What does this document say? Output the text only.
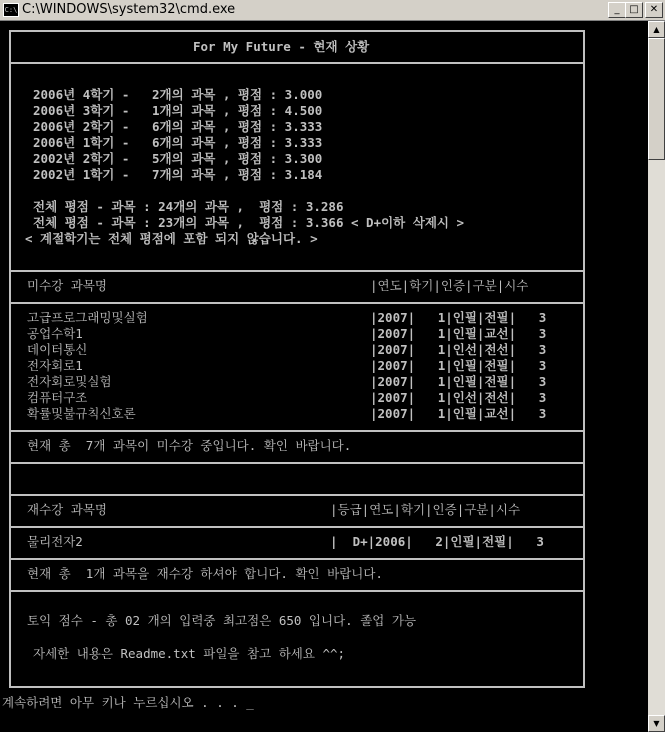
C:\ C:\WINDOWS\system32\cmd.exe	_ □	✕
For My Future - 현재 상황
2006년 4학기 -   2개의 과목 , 평점 : 3.000
2006년 3학기 -   1개의 과목 , 평점 : 4.500
2006년 2학기 -   6개의 과목 , 평점 : 3.333
2006년 1학기 -   6개의 과목 , 평점 : 3.333
2002년 2학기 -   5개의 과목 , 평점 : 3.300
2002년 1학기 -   7개의 과목 , 평점 : 3.184
전체 평점 - 과목 : 24개의 과목 ,  평점 : 3.286
전체 평점 - 과목 : 23개의 과목 ,  평점 : 3.366 < D+이하 삭제시 >
< 계절학기는 전체 평점에 포함 되지 않습니다. >
미수강 과목명	|연도|학기|인증|구분|시수
고급프로그래밍및실험	|2007|   1|인필|전필|   3
공업수학1	|2007|   1|인필|교선|   3
데이터통신	|2007|   1|인선|전선|   3
전자회로1	|2007|   1|인필|전필|   3
전자회로및실험	|2007|   1|인필|전필|   3
컴퓨터구조	|2007|   1|인선|전선|   3
확률및불규칙신호론	|2007|   1|인필|교선|   3
현재 총  7개 과목이 미수강 중입니다. 확인 바랍니다.
재수강 과목명	|등급|연도|학기|인증|구분|시수
물리전자2	|  D+|2006|   2|인필|전필|   3
현재 총  1개 과목을 재수강 하셔야 합니다. 확인 바랍니다.
토익 점수 - 총 02 개의 입력중 최고점은 650 입니다. 졸업 가능
자세한 내용은 Readme.txt 파일을 참고 하세요 ^^;
계속하려면 아무 키나 누르십시오 . . . _
▲
▼
